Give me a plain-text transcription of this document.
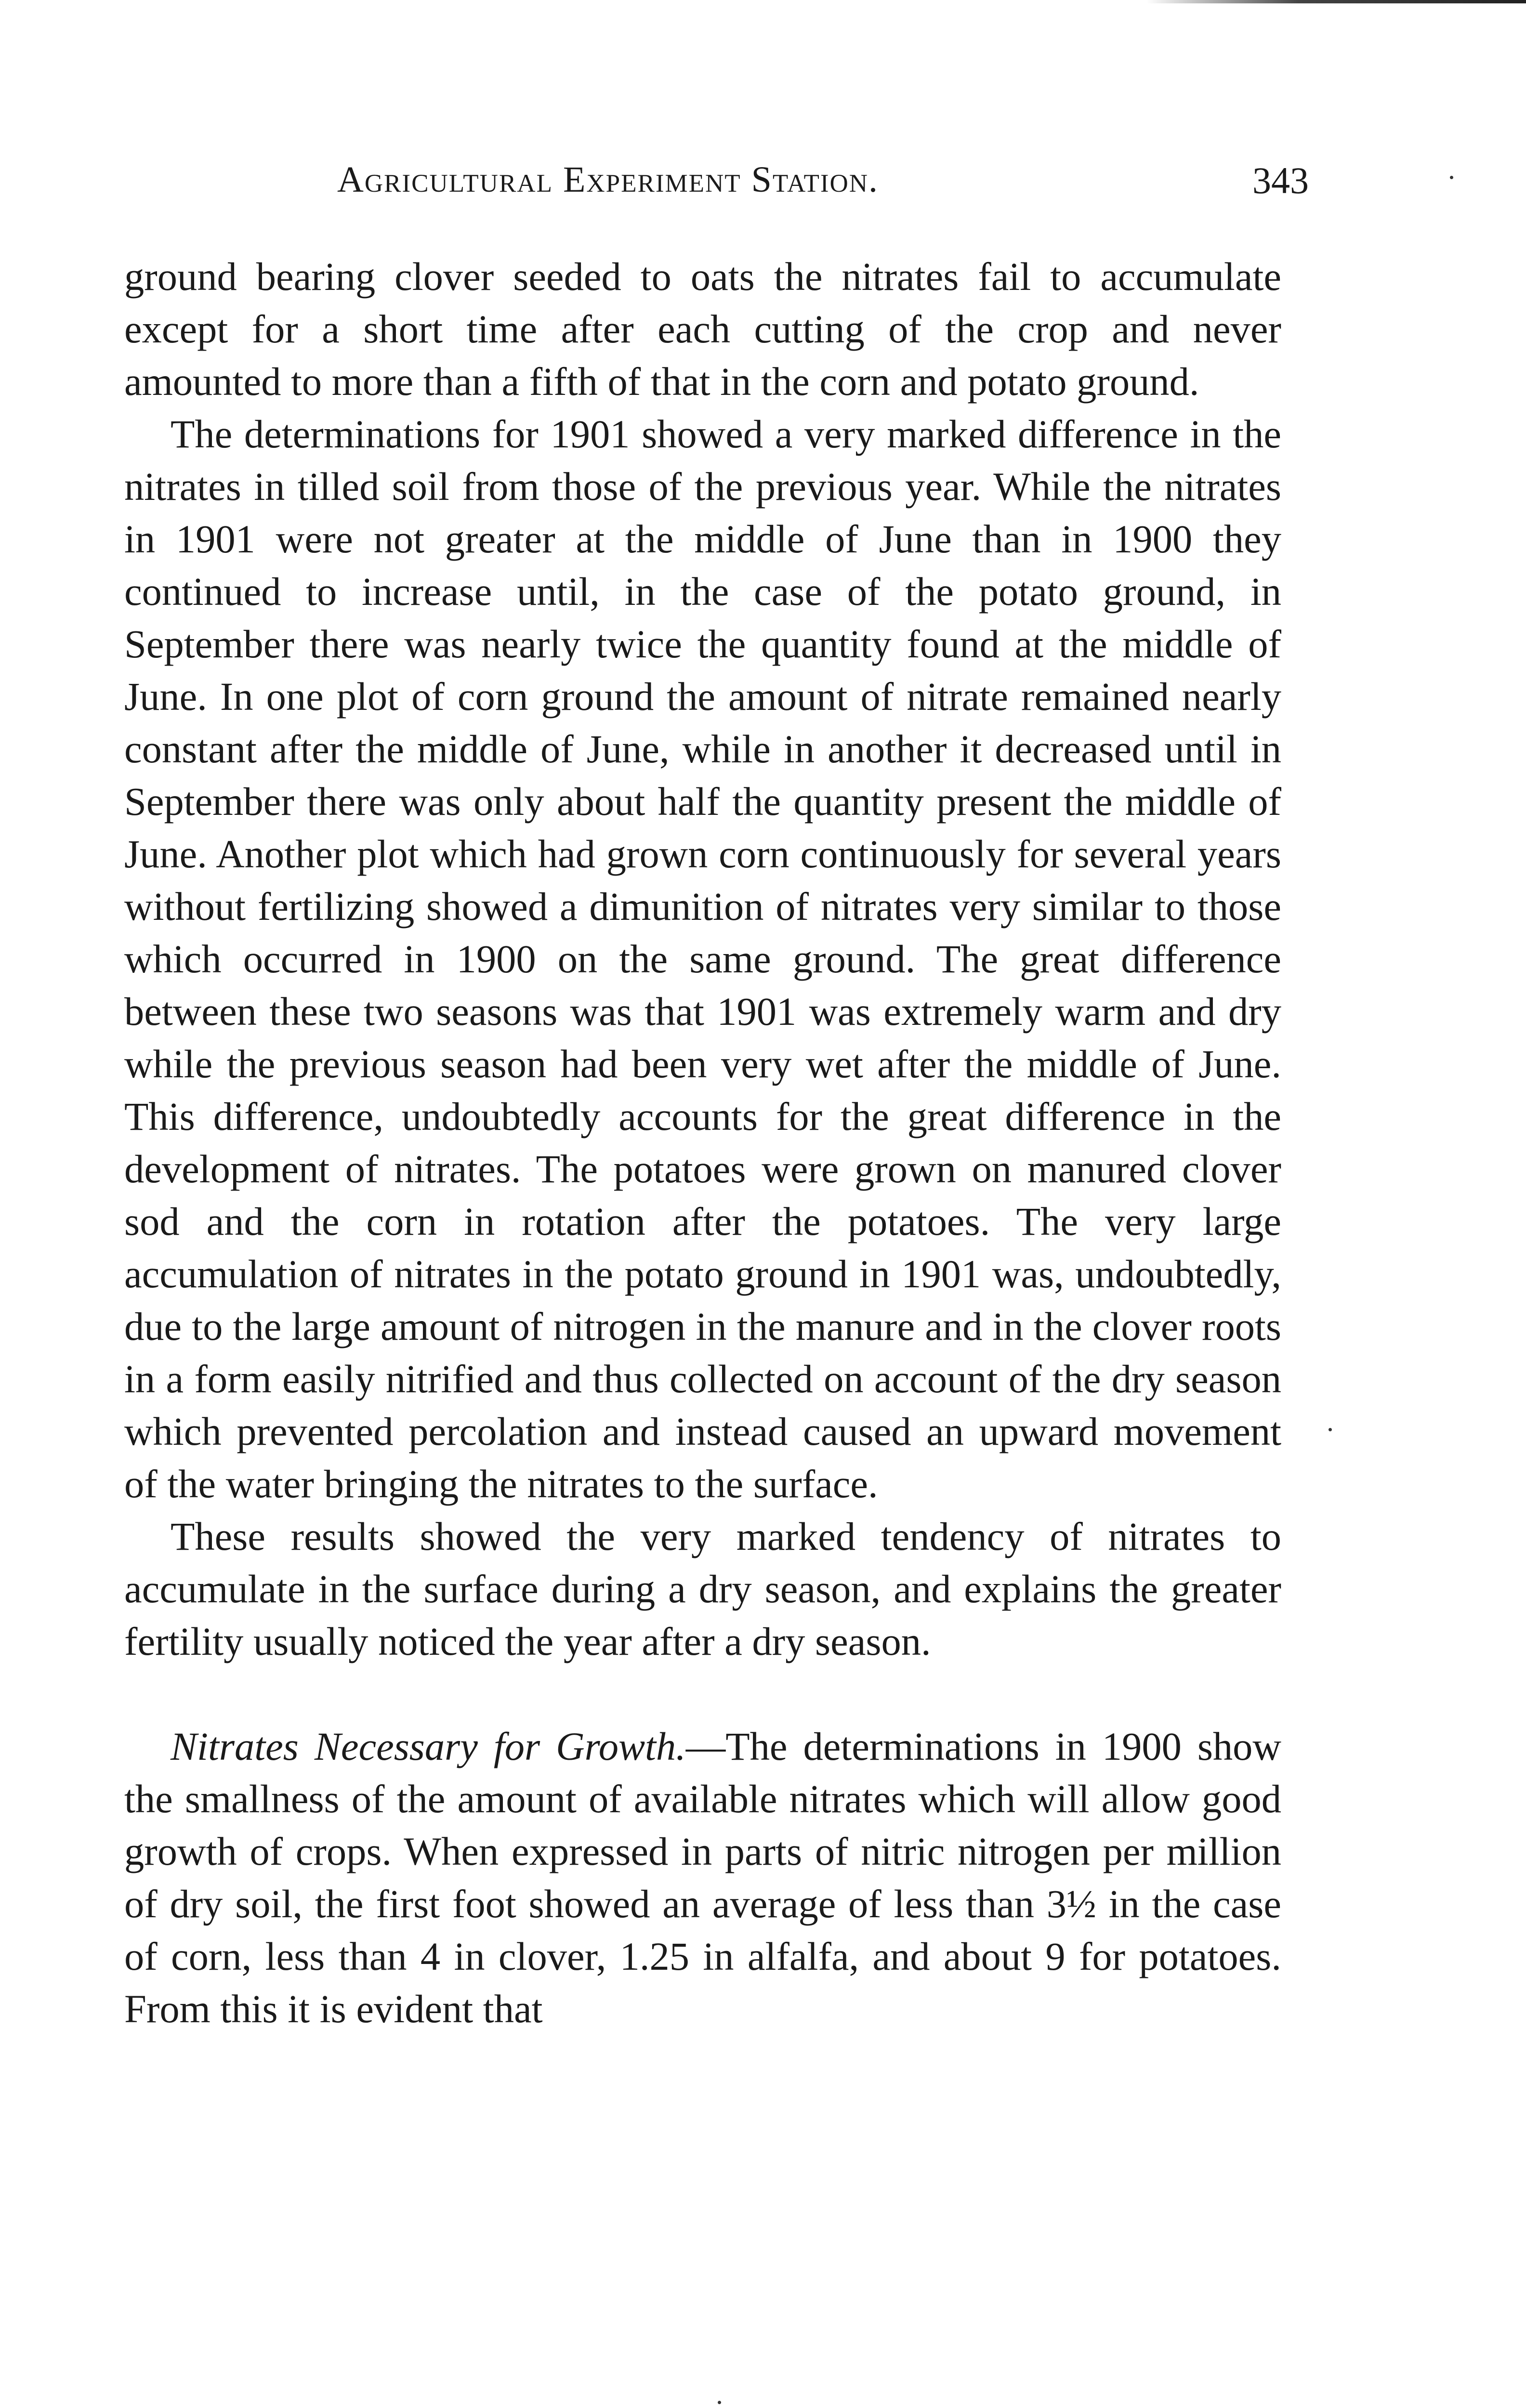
Agricultural Experiment Station.	343

ground bearing clover seeded to oats the nitrates fail to accumulate except for a short time after each cutting of the crop and never amounted to more than a fifth of that in the corn and potato ground.

The determinations for 1901 showed a very marked difference in the nitrates in tilled soil from those of the previous year. While the nitrates in 1901 were not greater at the middle of June than in 1900 they continued to increase until, in the case of the potato ground, in September there was nearly twice the quantity found at the middle of June. In one plot of corn ground the amount of nitrate remained nearly constant after the middle of June, while in another it decreased until in September there was only about half the quantity present the middle of June. Another plot which had grown corn continuously for several years without fertilizing showed a dimunition of nitrates very similar to those which occurred in 1900 on the same ground. The great difference between these two seasons was that 1901 was extremely warm and dry while the previous season had been very wet after the middle of June. This difference, undoubtedly accounts for the great difference in the development of nitrates. The potatoes were grown on manured clover sod and the corn in rotation after the potatoes. The very large accumulation of nitrates in the potato ground in 1901 was, undoubtedly, due to the large amount of nitrogen in the manure and in the clover roots in a form easily nitrified and thus collected on account of the dry season which prevented percolation and instead caused an upward movement of the water bringing the nitrates to the surface.

These results showed the very marked tendency of nitrates to accumulate in the surface during a dry season, and explains the greater fertility usually noticed the year after a dry season.

Nitrates Necessary for Growth.—The determinations in 1900 show the smallness of the amount of available nitrates which will allow good growth of crops. When expressed in parts of nitric nitrogen per million of dry soil, the first foot showed an average of less than 3½ in the case of corn, less than 4 in clover, 1.25 in alfalfa, and about 9 for potatoes. From this it is evident that
